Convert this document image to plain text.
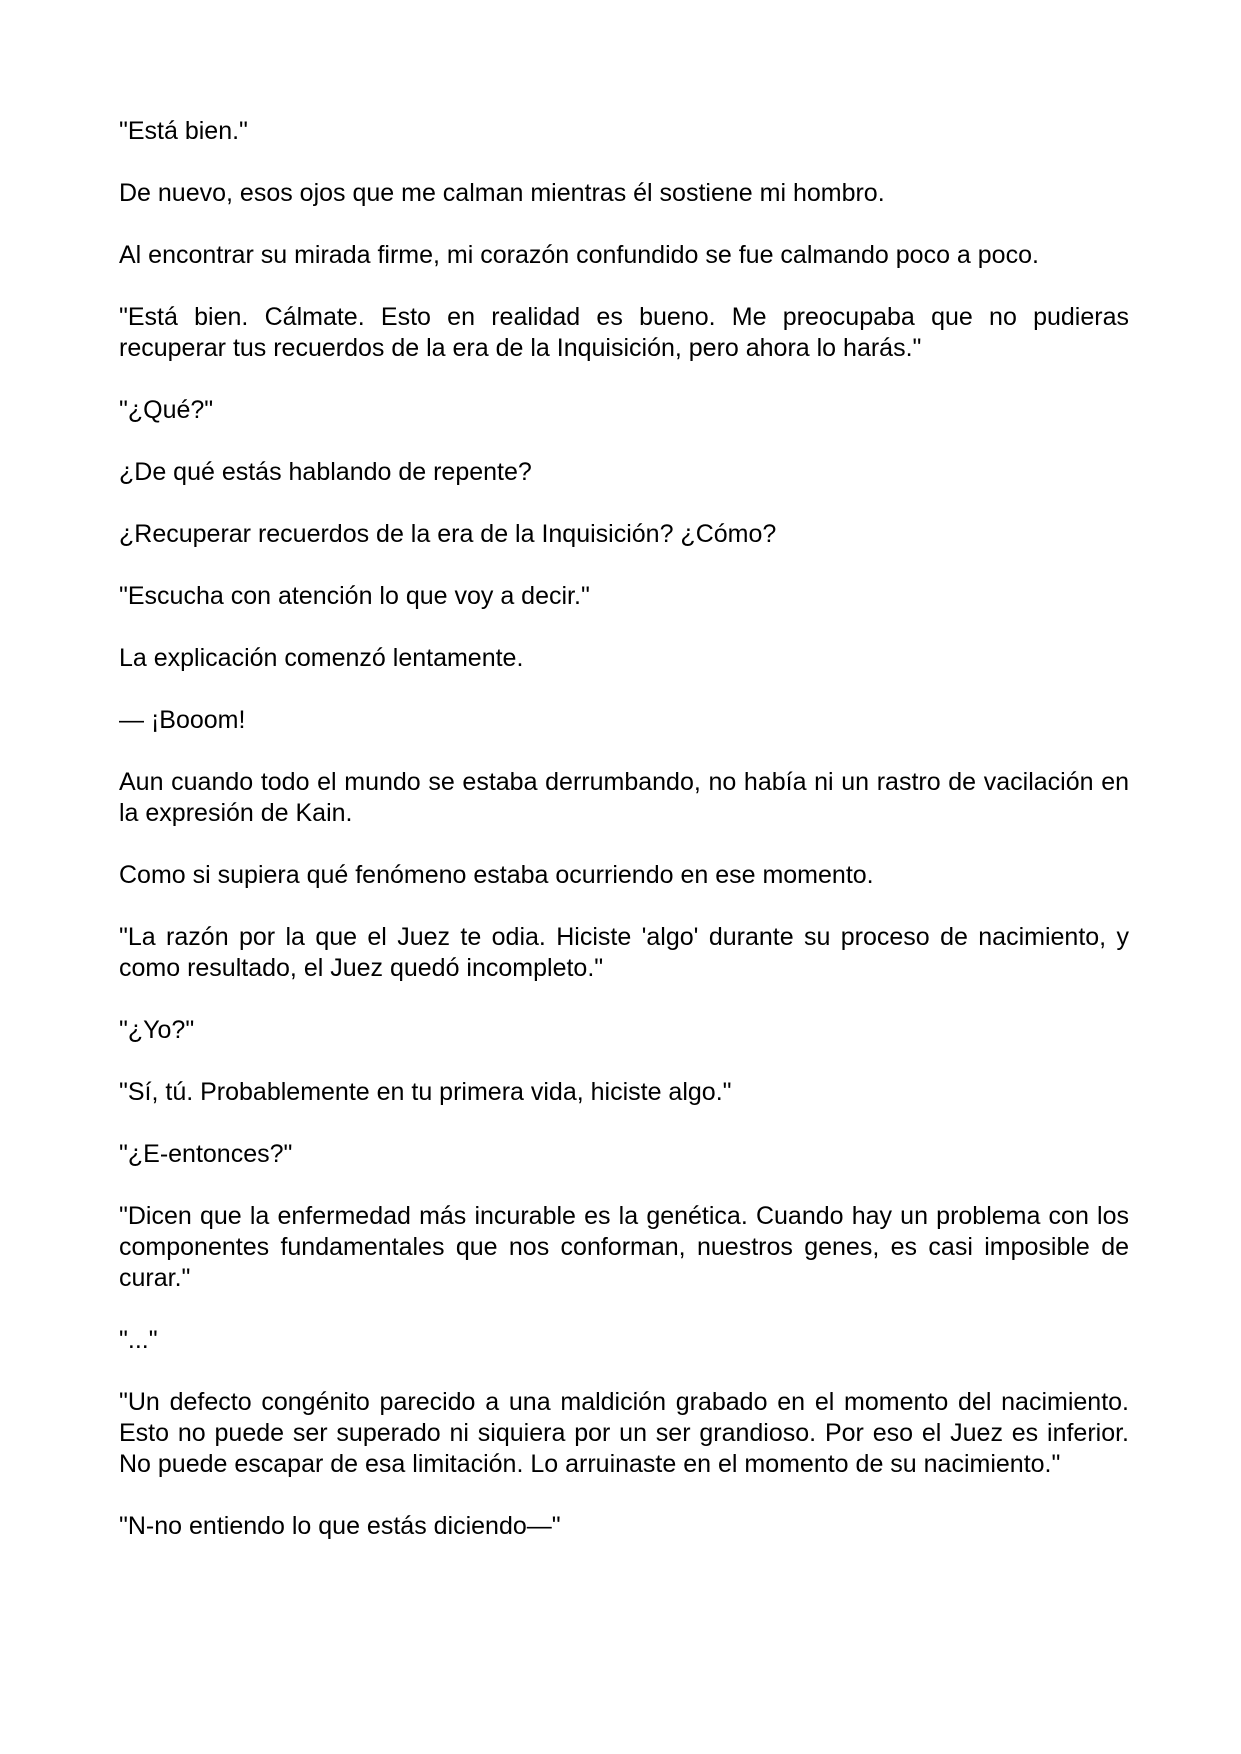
"Está bien."

De nuevo, esos ojos que me calman mientras él sostiene mi hombro.

Al encontrar su mirada firme, mi corazón confundido se fue calmando poco a poco.

"Está bien. Cálmate. Esto en realidad es bueno. Me preocupaba que no pudieras recuperar tus recuerdos de la era de la Inquisición, pero ahora lo harás."

"¿Qué?"

¿De qué estás hablando de repente?

¿Recuperar recuerdos de la era de la Inquisición? ¿Cómo?

"Escucha con atención lo que voy a decir."

La explicación comenzó lentamente.

— ¡Booom!

Aun cuando todo el mundo se estaba derrumbando, no había ni un rastro de vacilación en la expresión de Kain.

Como si supiera qué fenómeno estaba ocurriendo en ese momento.

"La razón por la que el Juez te odia. Hiciste 'algo' durante su proceso de nacimiento, y como resultado, el Juez quedó incompleto."

"¿Yo?"

"Sí, tú. Probablemente en tu primera vida, hiciste algo."

"¿E-entonces?"

"Dicen que la enfermedad más incurable es la genética. Cuando hay un problema con los componentes fundamentales que nos conforman, nuestros genes, es casi imposible de curar."

"..."

"Un defecto congénito parecido a una maldición grabado en el momento del nacimiento. Esto no puede ser superado ni siquiera por un ser grandioso. Por eso el Juez es inferior. No puede escapar de esa limitación. Lo arruinaste en el momento de su nacimiento."

"N-no entiendo lo que estás diciendo—"
